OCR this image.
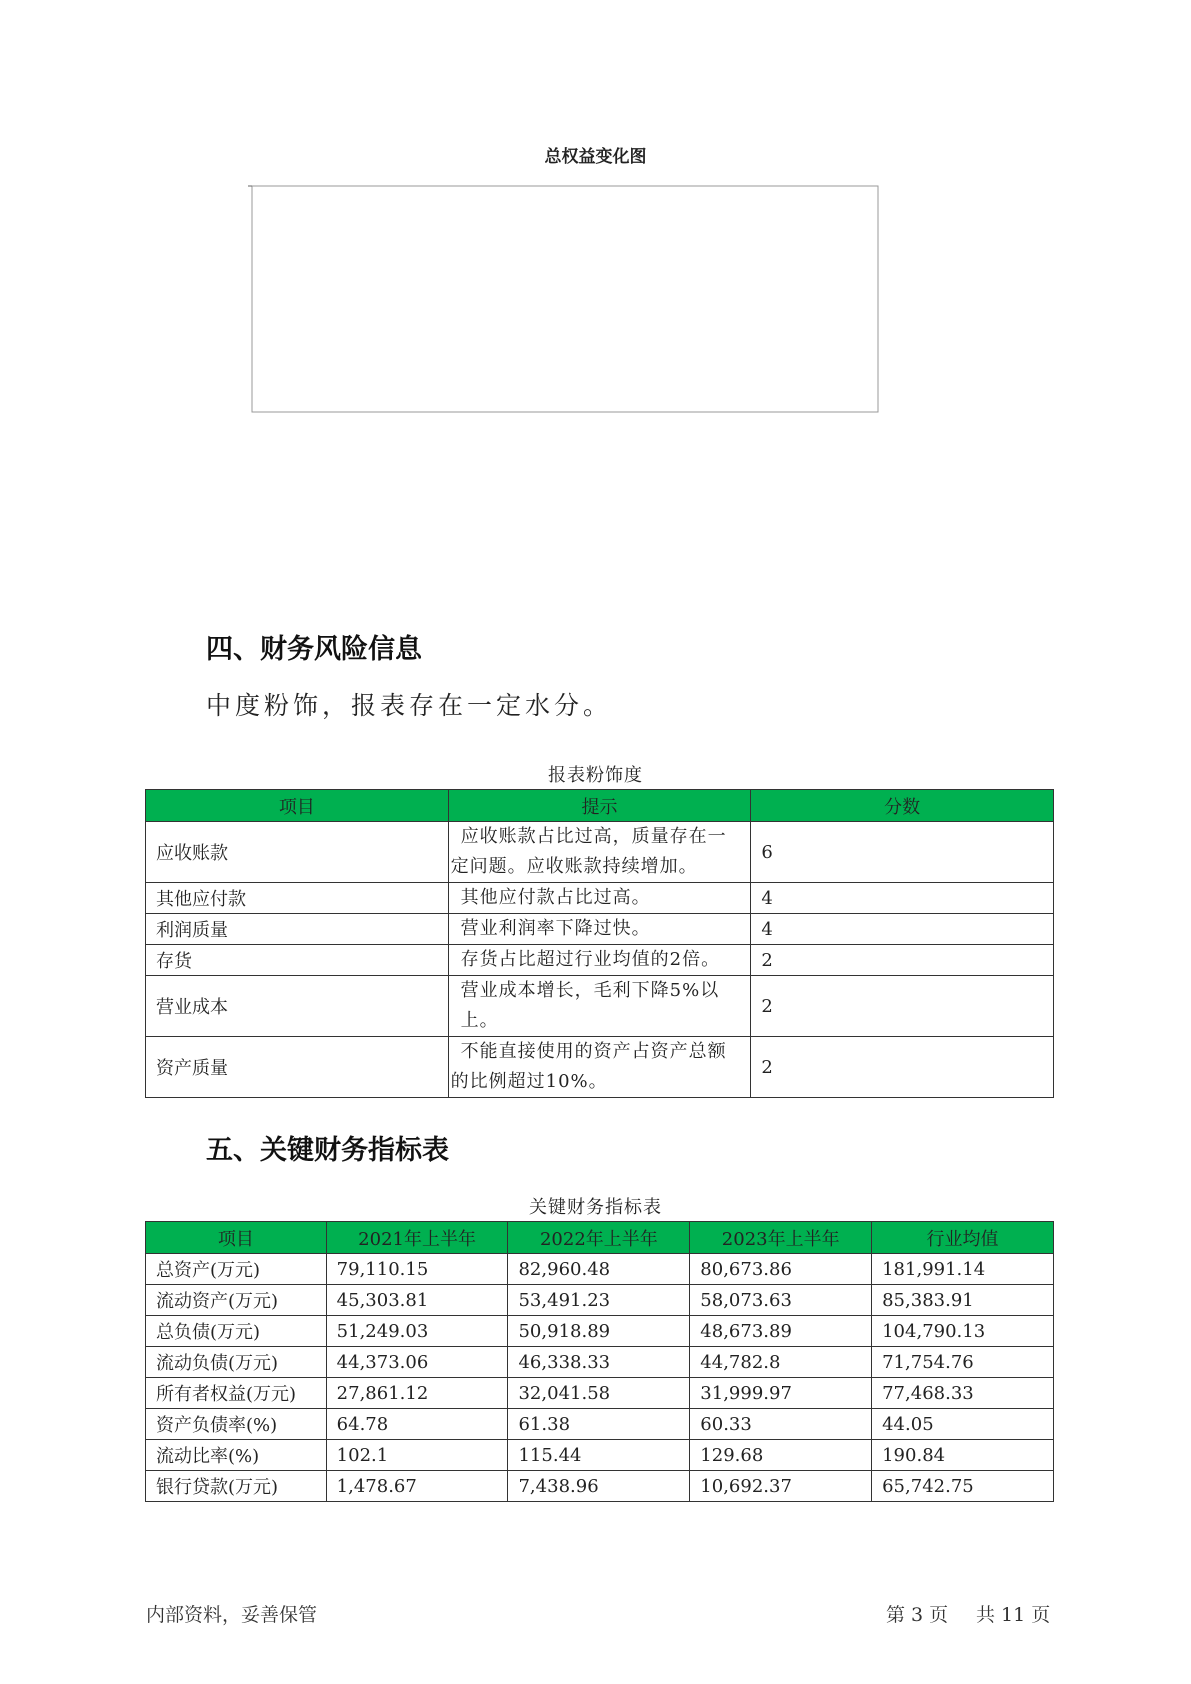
总权益变化图
四、财务风险信息
中度粉饰，报表存在一定水分。
报表粉饰度
项目	提示	分数
应收账款	应收账款占比过高，质量存在一
定问题。应收账款持续增加。	6
其他应付款	其他应付款占比过高。	4
利润质量	营业利润率下降过快。	4
存货	存货占比超过行业均值的2倍。	2
营业成本	营业成本增长，毛利下降5%以上。	2
资产质量	不能直接使用的资产占资产总额
的比例超过10%。	2
五、关键财务指标表
关键财务指标表
项目	2021年上半年	2022年上半年	2023年上半年	行业均值
总资产(万元)	79,110.15	82,960.48	80,673.86	181,991.14
流动资产(万元)	45,303.81	53,491.23	58,073.63	85,383.91
总负债(万元)	51,249.03	50,918.89	48,673.89	104,790.13
流动负债(万元)	44,373.06	46,338.33	44,782.8	71,754.76
所有者权益(万元)	27,861.12	32,041.58	31,999.97	77,468.33
资产负债率(%)	64.78	61.38	60.33	44.05
流动比率(%)	102.1	115.44	129.68	190.84
银行贷款(万元)	1,478.67	7,438.96	10,692.37	65,742.75
内部资料，妥善保管	第 3 页 共 11 页
